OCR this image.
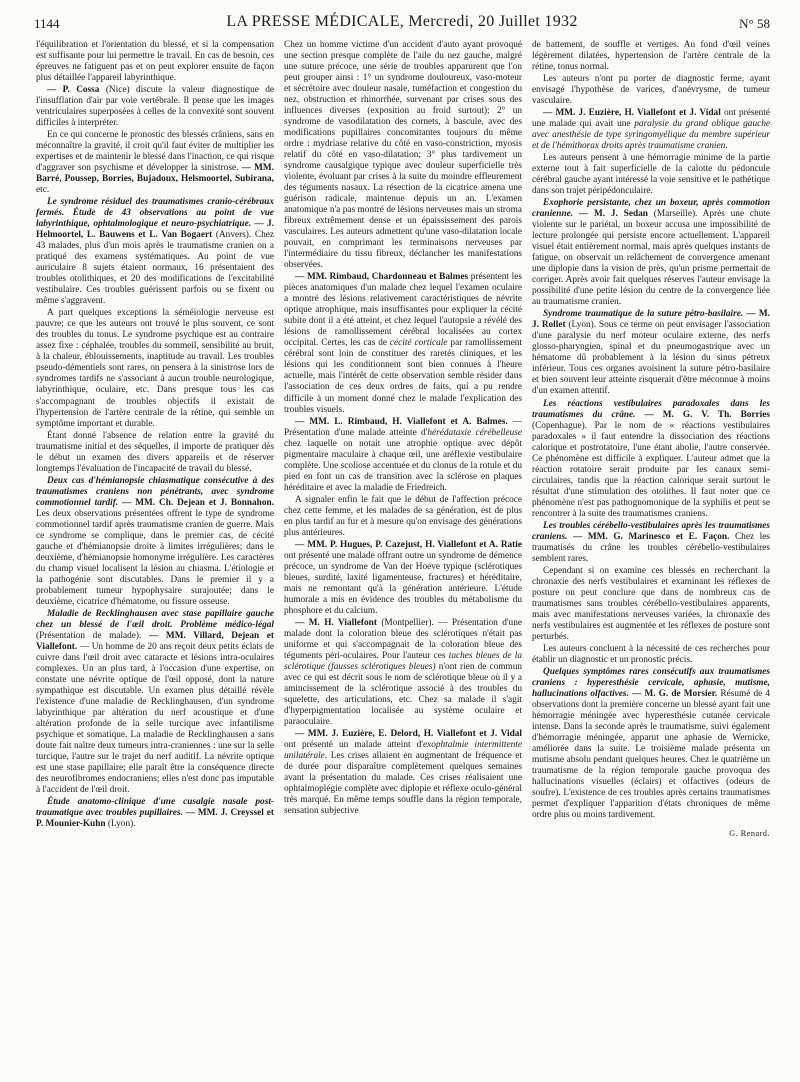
1144	LA PRESSE MÉDICALE, Mercredi, 20 Juillet 1932	N° 58

l'équilibration et l'orientation du blessé, et si la compensation est suffisante pour lui permettre le travail. En cas de besoin, ces épreuves ne fatiguent pas et on peut explorer ensuite de façon plus détaillée l'appareil labyrinthique.

— P. Cossa (Nice) discute la valeur diagnostique de l'insufflation d'air par voie vertébrale. Il pense que les images ventriculaires superposées à celles de la convexité sont souvent difficiles à interpréter.

En ce qui concerne le pronostic des blessés crâniens, sans en méconnaître la gravité, il croit qu'il faut éviter de multiplier les expertises et de maintenir le blessé dans l'inaction, ce qui risque d'aggraver son psychisme et développer la sinistrose. — MM. Barré, Poussep, Borries, Bujadoux, Helsmoortel, Subirana, etc.

Le syndrome résiduel des traumatismes cranio-cérébraux fermés. Étude de 43 observations au point de vue labyrinthique, ophtalmologique et neuro-psychiatrique. — J. Helmoortel, L. Bauwens et L. Van Bogaert (Anvers). Chez 43 malades, plus d'un mois après le traumatisme cranien on a pratiqué des examens systématiques. Au point de vue auriculaire 8 sujets étaient normaux, 16 présentaient des troubles otolithiques, et 20 des modifications de l'excitabilité vestibulaire. Ces troubles guérissent parfois ou se fixent ou même s'aggravent.

A part quelques exceptions la séméiologie nerveuse est pauvre; ce que les auteurs ont trouvé le plus souvent, ce sont des troubles du tonus. Le syndrome psychique est au contraire assez fixe : céphalée, troubles du sommeil, sensibilité au bruit, à la chaleur, éblouissements, inaptitude au travail. Les troubles pseudo-démentiels sont rares, on pensera à la sinistrose lors de syndromes tardifs ne s'associant à aucun trouble neurologique, labyrinthique, oculaire, etc. Dans presque tous les cas s'accompagnant de troubles objectifs il existait de l'hypertension de l'artère centrale de la rétine, qui semble un symptôme important et durable.

Étant donné l'absence de relation entre la gravité du traumatisme initial et des séquelles, il importe de pratiquer dès le début un examen des divers appareils et de réserver longtemps l'évaluation de l'incapacité de travail du blessé.

Deux cas d'hémianopsie chiasmatique consécutive à des traumatismes craniens non pénétrants, avec syndrome commotionnel tardif. — MM. Ch. Dejean et J. Bonnahon. Les deux observations présentées offrent le type de syndrome commotionnel tardif après traumatisme cranien de guerre. Mais ce syndrome se complique, dans le premier cas, de cécité gauche et d'hémianopsie droite à limites irrégulières; dans le deuxième, d'hémianopsie homonyme irrégulière. Les caractères du champ visuel localisent la lésion au chiasma. L'étiologie et la pathogénie sont discutables. Dans le premier il y a probablement tumeur hypophysaire surajoutée; dans le deuxième, cicatrice d'hématome, ou fissure osseuse.

Maladie de Recklinghausen avec stase papillaire gauche chez un blessé de l'œil droit. Problème médico-légal (Présentation de malade). — MM. Villard, Dejean et Viallefont. — Un homme de 20 ans reçoit deux petits éclats de cuivre dans l'œil droit avec cataracte et lésions intra-oculaires complexes. Un an plus tard, à l'occasion d'une expertise, on constate une névrite optique de l'œil opposé, dont la nature sympathique est discutable. Un examen plus détaillé révèle l'existence d'une maladie de Recklinghausen, d'un syndrome labyrinthique par altération du nerf acoustique et d'une altération profonde de la selle turcique avec infantilisme psychique et somatique. La maladie de Recklinghausen a sans doute fait naître deux tumeurs intra-craniennes : une sur la selle turcique, l'autre sur le trajet du nerf auditif. La névrite optique est une stase papillaire; elle paraît être la conséquence directe des neurofibromes endocraniens; elles n'est donc pas imputable à l'accident de l'œil droit.

Étude anatomo-clinique d'une cusalgie nasale post-traumatique avec troubles pupillaires. — MM. J. Creyssel et P. Mounier-Kuhn (Lyon).

Chez un homme victime d'un accident d'auto ayant provoqué une section presque complète de l'aile du nez gauche, malgré une suture précoce, une série de troubles apparurent que l'on peut grouper ainsi : 1° un syndrome douloureux, vaso-moteur et sécrétoire avec douleur nasale, tuméfaction et congestion du nez, obstruction et rhinorrhée, survenant par crises sous des influences diverses (exposition au froid surtout); 2° un syndrome de vasodilatation des cornets, à bascule, avec des modifications pupillaires concomitantes toujours du même ordre : mydriase relative du côté en vaso-constriction, myosis relatif du côté en vaso-dilatation; 3° plus tardivement un syndrome causalgique typique avec douleur superficielle très violente, évoluant par crises à la suite du moindre effleurement des téguments nasaux. La résection de la cicatrice amena une guérison radicale, maintenue depuis un an. L'examen anatomique n'a pas montré de lésions nerveuses mais un stroma fibreux extrêmement dense et un épaississement des parois vasculaires. Les auteurs admettent qu'une vaso-dilatation locale pouvait, en comprimant les terminaisons nerveuses par l'intermédiaire du tissu fibreux, déclancher les manifestations observées.

— MM. Rimbaud, Chardonneau et Balmes présentent les pièces anatomiques d'un malade chez lequel l'examen oculaire a montré des lésions relativement caractéristiques de névrite optique atrophique, mais insuffisantes pour expliquer la cécité subite dont il a été atteint, et chez lequel l'autopsie a révélé des lésions de ramollissement cérébral localisées au cortex occipital. Certes, les cas de cécité corticale par ramollissement cérébral sont loin de constituer des raretés cliniques, et les lésions qui les conditionnent sont bien connues à l'heure actuelle, mais l'intérêt de cette observation semble résider dans l'association de ces deux ordres de faits, qui a pu rendre difficile à un moment donné chez le malade l'explication des troubles visuels.

— MM. L. Rimbaud, H. Viallefont et A. Balmes. — Présentation d'une malade atteinte d'hérédataxie cérébelleuse chez laquelle on notait une atrophie optique avec dépôt pigmentaire maculaire à chaque œil, une aréflexie vestibulaire complète. Une scoliose accentuée et du clonus de la rotule et du pied en font un cas de transition avec la sclérose en plaques héréditaire et avec la maladie de Friedreich.

A signaler enfin le fait que le début de l'affection précoce chez cette femme, et les malades de sa génération, est de plus en plus tardif au fur et à mesure qu'on envisage des générations plus antérieures.

— MM. P. Hugues, P. Cazejust, H. Viallefont et A. Ratie ont présenté une malade offrant outre un syndrome de démence précoce, un syndrome de Van der Hoeve typique (sclérotiques bleues, surdité, laxité ligamenteuse, fractures) et héréditaire, mais ne remontant qu'à la génération antérieure. L'étude humorale a mis en évidence des troubles du métabolisme du phosphore et du calcium.

— M. H. Viallefont (Montpellier). — Présentation d'une malade dont la coloration bleue des sclérotiques n'était pas uniforme et qui s'accompagnait de la coloration bleue des téguments péri-oculaires. Pour l'auteur ces taches bleues de la sclérotique (fausses sclérotiques bleues) n'ont rien de commun avec ce qui est décrit sous le nom de sclérotique bleue où il y a amincissement de la sclérotique associé à des troubles du squelette, des articulations, etc. Chez sa malade il s'agit d'hyperpigmentation localisée au système oculaire et paraoculaire.

— MM. J. Euzière, E. Delord, H. Viallefont et J. Vidal ont présenté un malade atteint d'exophtalmie intermittente unilatérale. Les crises allaient en augmentant de fréquence et de durée pour disparaître complètement quelques semaines avant la présentation du malade. Ces crises réalisaient une ophtalmoplégie complète avec diplopie et réflexe oculo-général très marqué. En même temps souffle dans la région temporale, sensation subjective

de battement, de souffle et vertiges. Au fond d'œil veines légèrement dilatées, hypertension de l'artère centrale de la rétine, tonus normal.

Les auteurs n'ont pu porter de diagnostic ferme, ayant envisagé l'hypothèse de varices, d'anévrysme, de tumeur vasculaire.

— MM. J. Euzière, H. Viallefont et J. Vidal ont présenté une malade qui avait une paralysie du grand oblique gauche avec anesthésie de type syringomyélique du membre supérieur et de l'hémithorax droits après traumatisme cranien.

Les auteurs pensent à une hémorragie minime de la partie externe tout à fait superficielle de la calotte du pédoncule cérébral gauche ayant intéressé la voie sensitive et le pathétique dans son trajet péripédonculaire.

Exophorie persistante, chez un boxeur, après commotion cranienne. — M. J. Sedan (Marseille). Après une chute violente sur le pariétal, un boxeur accusa une impossibilité de lecture prolongée qui persiste encore actuellement. L'appareil visuel était entièrement normal, mais après quelques instants de fatigue, on observait un relâchement de convergence amenant une diplopie dans la vision de près, qu'un prisme permettait de corriger. Après avoir fait quelques réserves l'auteur envisage la possibilité d'une petite lésion du centre de la convergence liée au traumatisme cranien.

Syndrome traumatique de la suture pétro-basilaire. — M. J. Rollet (Lyon). Sous ce terme on peut envisager l'association d'une paralysie du nerf moteur oculaire externe, des nerfs glosso-pharyngien, spinal et du pneumogastrique avec un hématome dû probablement à la lésion du sinus pétreux inférieur. Tous ces organes avoisinent la suture pétro-basilaire et bien souvent leur atteinte risquerait d'être méconnue à moins d'un examen attentif.

Les réactions vestibulaires paradoxales dans les traumatismes du crâne. — M. G. V. Th. Borries (Copenhague). Par le nom de « réactions vestibulaires paradoxales » il faut entendre la dissociation des réactions calorique et postrotatoire, l'une étant abolie, l'autre conservée. Ce phénomène est difficile à expliquer. L'auteur admet que la réaction rotatoire serait produite par les canaux semi-circulaires, tandis que la réaction calorique serait surtout le résultat d'une stimulation des otolithes. Il faut noter que ce phénomène n'est pas pathognomonique de la syphilis et peut se rencontrer à la suite des traumatismes craniens.

Les troubles cérébello-vestibulaires après les traumatismes craniens. — MM. G. Marinesco et E. Façon. Chez les traumatisés du crâne les troubles cérébello-vestibulaires semblent rares.

Cependant si on examine ces blessés en recherchant la chronaxie des nerfs vestibulaires et examinant les réflexes de posture on peut conclure que dans de nombreux cas de traumatismes sans troubles cérébello-vestibulaires apparents, mais avec manifestations nerveuses variées, la chronaxie des nerfs vestibulaires est augmentée et les réflexes de posture sont perturbés.

Les auteurs concluent à la nécessité de ces recherches pour établir un diagnostic et un pronostic précis.

Quelques symptômes rares consécutifs aux traumatismes craniens : hyperesthésie cervicale, aphasie, mutisme, hallucinations olfactives. — M. G. de Morsier. Résumé de 4 observations dont la première concerne un blessé ayant fait une hémorragie méningée avec hyperesthésie cutanée cervicale intense. Dans la seconde après le traumatisme, suivi également d'hémorragie méningée, apparut une aphasie de Wernicke, améliorée dans la suite. Le troisième malade présenta un mutisme absolu pendant quelques heures. Chez le quatrième un traumatisme de la région temporale gauche provoqua des hallucinations visuelles (éclairs) et olfactives (odeurs de soufre). L'existence de ces troubles après certains traumatismes permet d'expliquer l'apparition d'états chroniques de même ordre plus ou moins tardivement.

G. Renard.
